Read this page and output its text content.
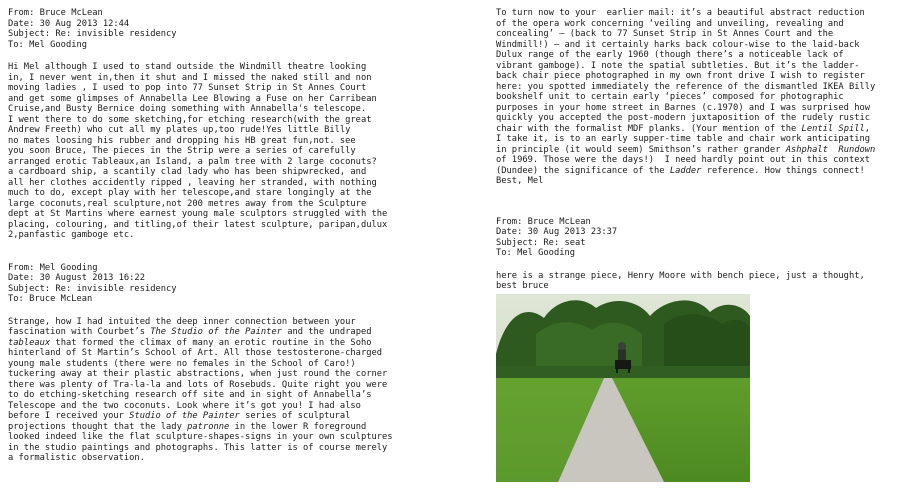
From: Bruce McLean
Date: 30 Aug 2013 12:44
Subject: Re: invisible residency
To: Mel Gooding
Hi Mel although I used to stand outside the Windmill theatre looking
in, I never went in,then it shut and I missed the naked still and non
moving ladies , I used to pop into 77 Sunset Strip in St Annes Court
and get some glimpses of Annabella Lee Blowing a Fuse on her Carribean
Cruise,and Busty Bernice doing something with Annabella's telescope.
I went there to do some sketching,for etching research(with the great
Andrew Freeth) who cut all my plates up,too rude!Yes little Billy
no mates loosing his rubber and dropping his HB great fun,not. see
you soon Bruce, The pieces in the Strip were a series of carefully
arranged erotic Tableaux,an Island, a palm tree with 2 large coconuts?
a cardboard ship, a scantily clad lady who has been shipwrecked, and
all her clothes accidently ripped , leaving her stranded, with nothing
much to do, except play with her telescope,and stare longingly at the
large coconuts,real sculpture,not 200 metres away from the Sculpture
dept at St Martins where earnest young male sculptors struggled with the
placing, colouring, and titling,of their latest sculpture, paripan,dulux
2,panfastic gamboge etc.
From: Mel Gooding
Date: 30 August 2013 16:22
Subject: Re: invisible residency
To: Bruce McLean
Strange, how I had intuited the deep inner connection between your
fascination with Courbet’s The Studio of the Painter and the undraped
tableaux that formed the climax of many an erotic routine in the Soho
hinterland of St Martin’s School of Art. All those testosterone-charged
young male students (there were no females in the School of Caro!)
tuckering away at their plastic abstractions, when just round the corner
there was plenty of Tra-la-la and lots of Rosebuds. Quite right you were
to do etching-sketching research off site and in sight of Annabella’s
Telescope and the two coconuts. Look where it’s got you! I had also
before I received your Studio of the Painter series of sculptural
projections thought that the lady patronne in the lower R foreground
looked indeed like the flat sculpture-shapes-signs in your own sculptures
in the studio paintings and photographs. This latter is of course merely
a formalistic observation.
To turn now to your  earlier mail: it’s a beautiful abstract reduction
of the opera work concerning ‘veiling and unveiling, revealing and
concealing’ – (back to 77 Sunset Strip in St Annes Court and the
Windmill!) – and it certainly harks back colour-wise to the laid-back
Dulux range of the early 1960 (though there’s a noticeable lack of
vibrant gamboge). I note the spatial subtleties. But it’s the ladder-
back chair piece photographed in my own front drive I wish to register
here: you spotted immediately the reference of the dismantled IKEA Billy
bookshelf unit to certain early ‘pieces’ composed for photographic
purposes in your home street in Barnes (c.1970) and I was surprised how
quickly you accepted the post-modern juxtaposition of the rudely rustic
chair with the formalist MDF planks. (Your mention of the Lentil Spill,
I take it, is to an early supper-time table and chair work anticipating
in principle (it would seem) Smithson’s rather grander Ashphalt  Rundown
of 1969. Those were the days!)  I need hardly point out in this context
(Dundee) the significance of the Ladder reference. How things connect!
Best, Mel
From: Bruce McLean
Date: 30 Aug 2013 23:37
Subject: Re: seat
To: Mel Gooding
here is a strange piece, Henry Moore with bench piece, just a thought,
best bruce
